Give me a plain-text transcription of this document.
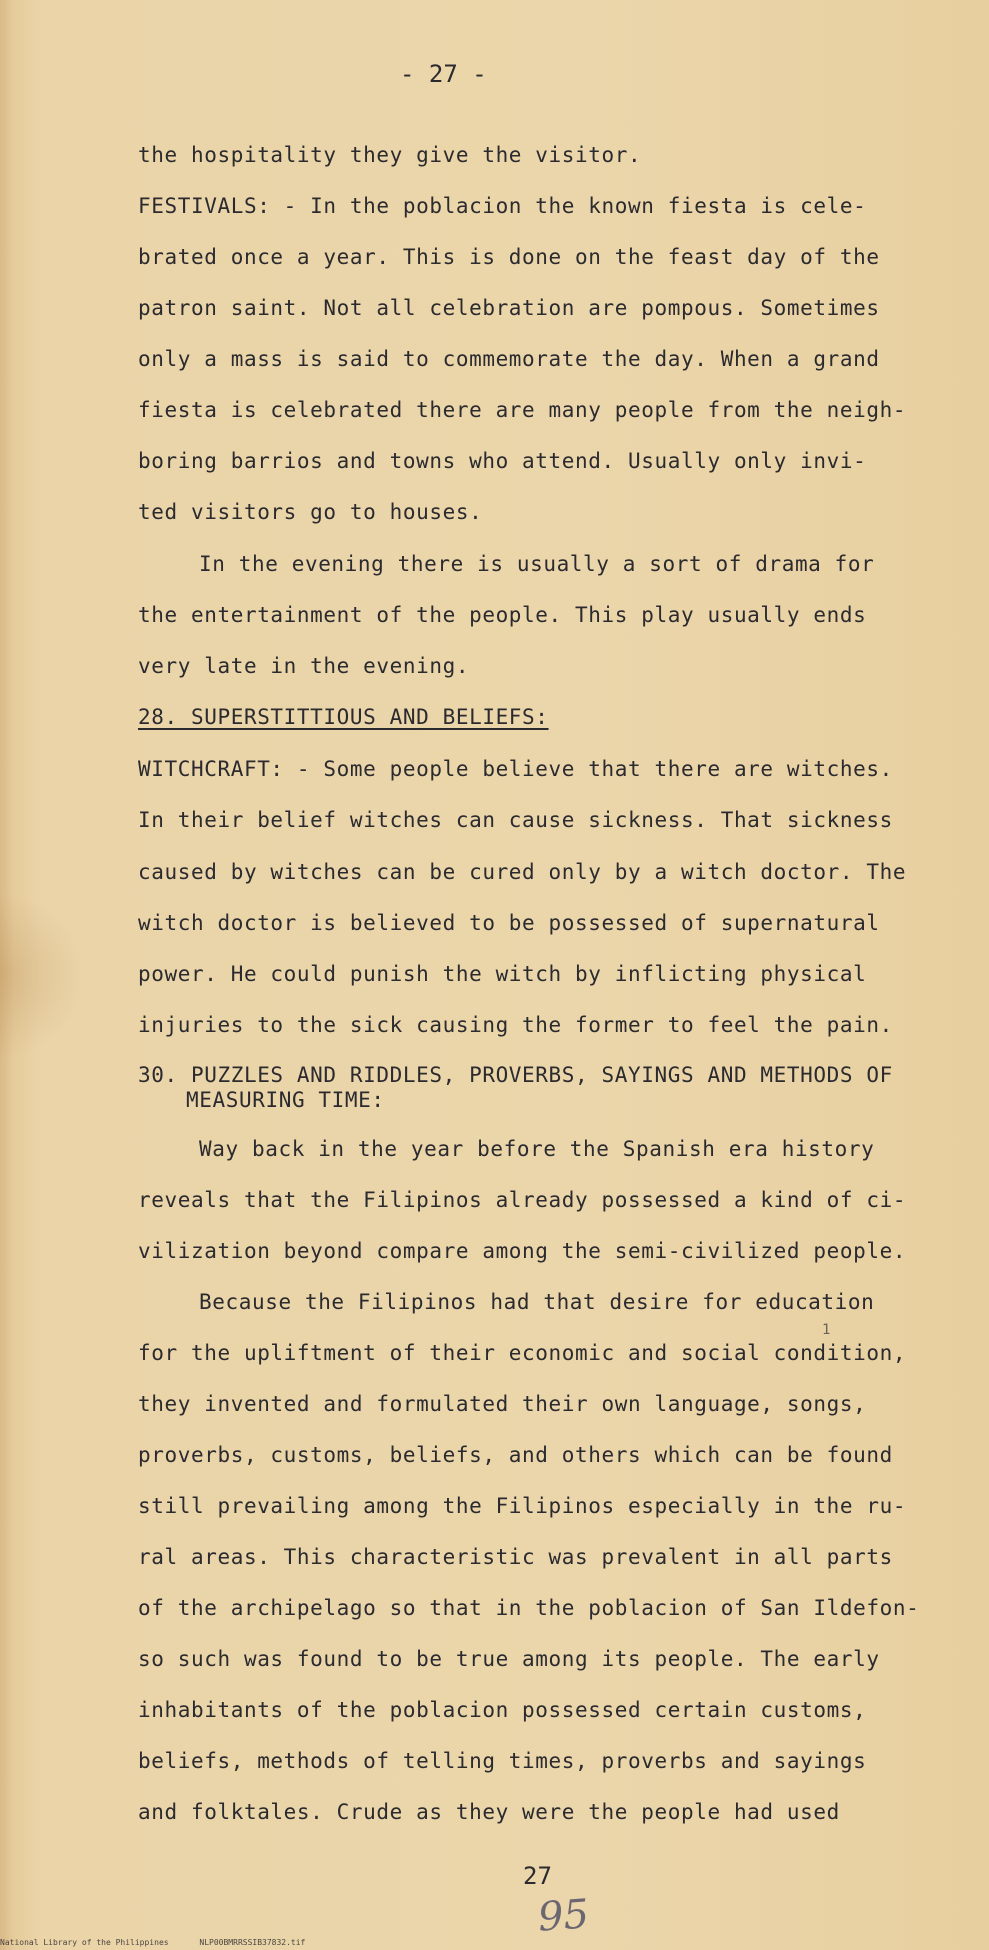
- 27 -
the hospitality they give the visitor.
FESTIVALS: - In the poblacion the known fiesta is cele-
brated once a year. This is done on the feast day of the
patron saint. Not all celebration are pompous. Sometimes
only a mass is said to commemorate the day. When a grand
fiesta is celebrated there are many people from the neigh-
boring barrios and towns who attend. Usually only invi-
ted visitors go to houses.
In the evening there is usually a sort of drama for
the entertainment of the people. This play usually ends
very late in the evening.
28. SUPERSTITTIOUS AND BELIEFS:
WITCHCRAFT: - Some people believe that there are witches.
In their belief witches can cause sickness. That sickness
caused by witches can be cured only by a witch doctor. The
witch doctor is believed to be possessed of supernatural
power. He could punish the witch by inflicting physical
injuries to the sick causing the former to feel the pain.
30. PUZZLES AND RIDDLES, PROVERBS, SAYINGS AND METHODS OF
MEASURING TIME:
Way back in the year before the Spanish era history
reveals that the Filipinos already possessed a kind of ci-
vilization beyond compare among the semi-civilized people.
Because the Filipinos had that desire for education
1
for the upliftment of their economic and social condition,
they invented and formulated their own language, songs,
proverbs, customs, beliefs, and others which can be found
still prevailing among the Filipinos especially in the ru-
ral areas. This characteristic was prevalent in all parts
of the archipelago so that in the poblacion of San Ildefon-
so such was found to be true among its people. The early
inhabitants of the poblacion possessed certain customs,
beliefs, methods of telling times, proverbs and sayings
and folktales. Crude as they were the people had used
27
95
National Library of the Philippines	NLP00BMRRSSIB37832.tif
